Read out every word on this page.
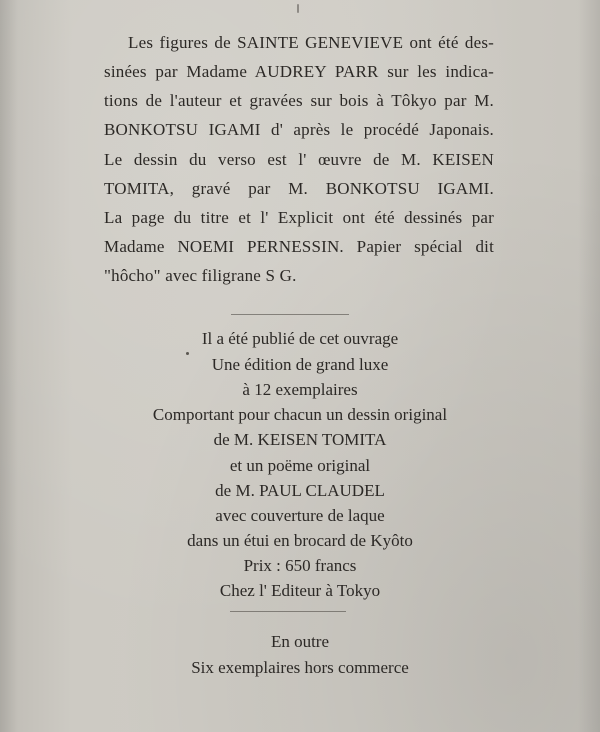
Les figures de SAINTE GENEVIEVE ont été des-
sinées par Madame AUDREY PARR sur les indica-
tions de l'auteur et gravées sur bois à Tôkyo par M.
BONKOTSU IGAMI d' après le procédé Japonais.
Le dessin du verso est l' œuvre de M. KEISEN
TOMITA, gravé par M. BONKOTSU IGAMI.
La page du titre et l' Explicit ont été dessinés par
Madame NOEMI PERNESSIN. Papier spécial dit
"hôcho" avec filigrane S G.
Il a été publié de cet ouvrage
Une édition de grand luxe
à 12 exemplaires
Comportant pour chacun un dessin original
de M. KEISEN TOMITA
et un poëme original
de M. PAUL CLAUDEL
avec couverture de laque
dans un étui en brocard de Kyôto
Prix : 650 francs
Chez l' Editeur à Tokyo
En outre
Six exemplaires hors commerce
